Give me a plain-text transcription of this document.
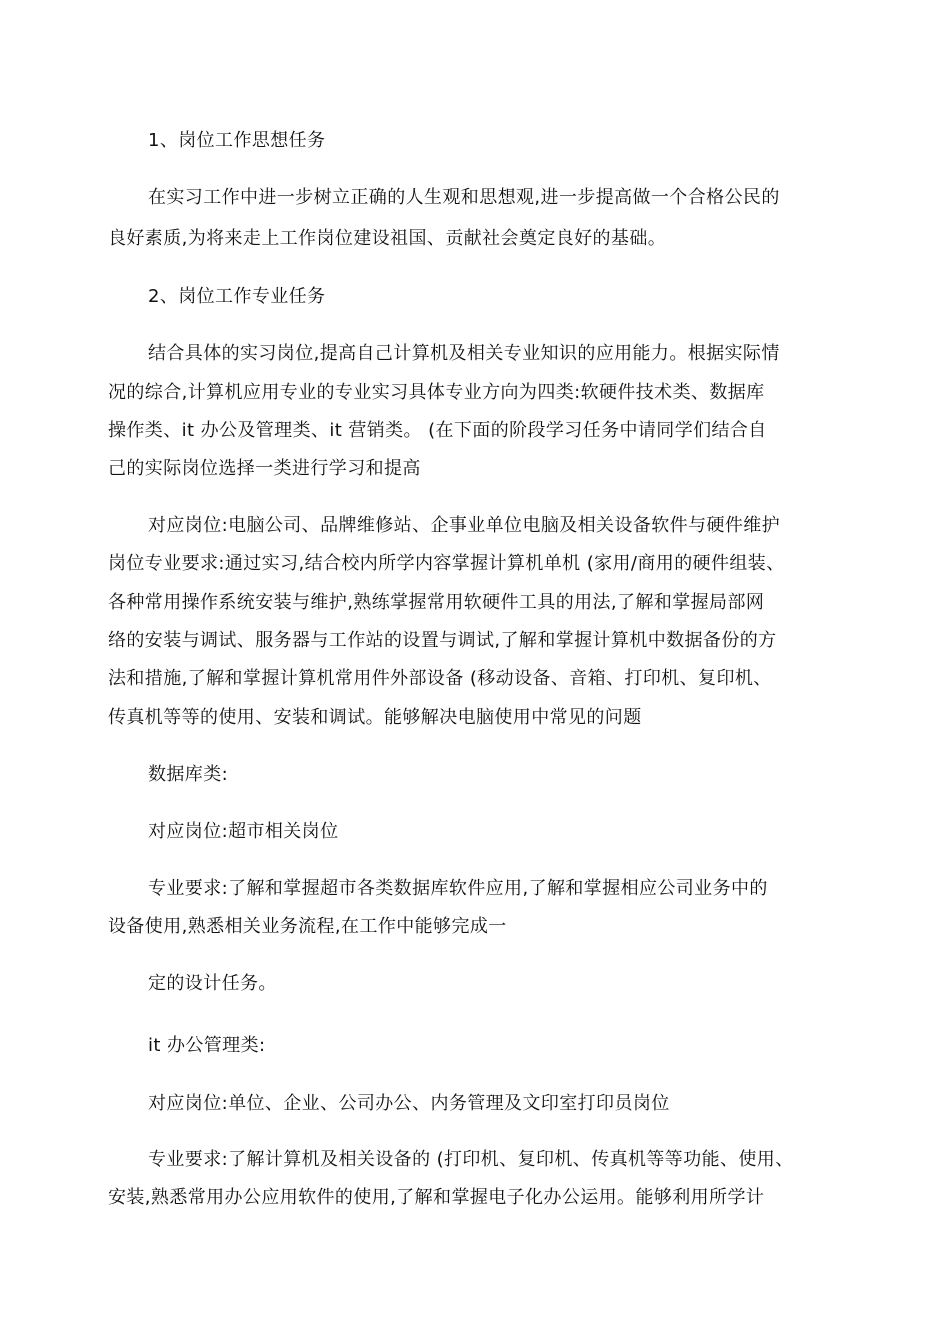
1、岗位工作思想任务
在实习工作中进一步树立正确的人生观和思想观,进一步提高做一个合格公民的
良好素质,为将来走上工作岗位建设祖国、贡献社会奠定良好的基础。
2、岗位工作专业任务
结合具体的实习岗位,提高自己计算机及相关专业知识的应用能力。根据实际情
况的综合,计算机应用专业的专业实习具体专业方向为四类:软硬件技术类、数据库
操作类、it 办公及管理类、it 营销类。 (在下面的阶段学习任务中请同学们结合自
己的实际岗位选择一类进行学习和提高
对应岗位:电脑公司、品牌维修站、企事业单位电脑及相关设备软件与硬件维护
岗位专业要求:通过实习,结合校内所学内容掌握计算机单机 (家用/商用的硬件组装、
各种常用操作系统安装与维护,熟练掌握常用软硬件工具的用法,了解和掌握局部网
络的安装与调试、服务器与工作站的设置与调试,了解和掌握计算机中数据备份的方
法和措施,了解和掌握计算机常用件外部设备 (移动设备、音箱、打印机、复印机、
传真机等等的使用、安装和调试。能够解决电脑使用中常见的问题
数据库类:
对应岗位:超市相关岗位
专业要求:了解和掌握超市各类数据库软件应用,了解和掌握相应公司业务中的
设备使用,熟悉相关业务流程,在工作中能够完成一
定的设计任务。
it 办公管理类:
对应岗位:单位、企业、公司办公、内务管理及文印室打印员岗位
专业要求:了解计算机及相关设备的 (打印机、复印机、传真机等等功能、使用、
安装,熟悉常用办公应用软件的使用,了解和掌握电子化办公运用。能够利用所学计
